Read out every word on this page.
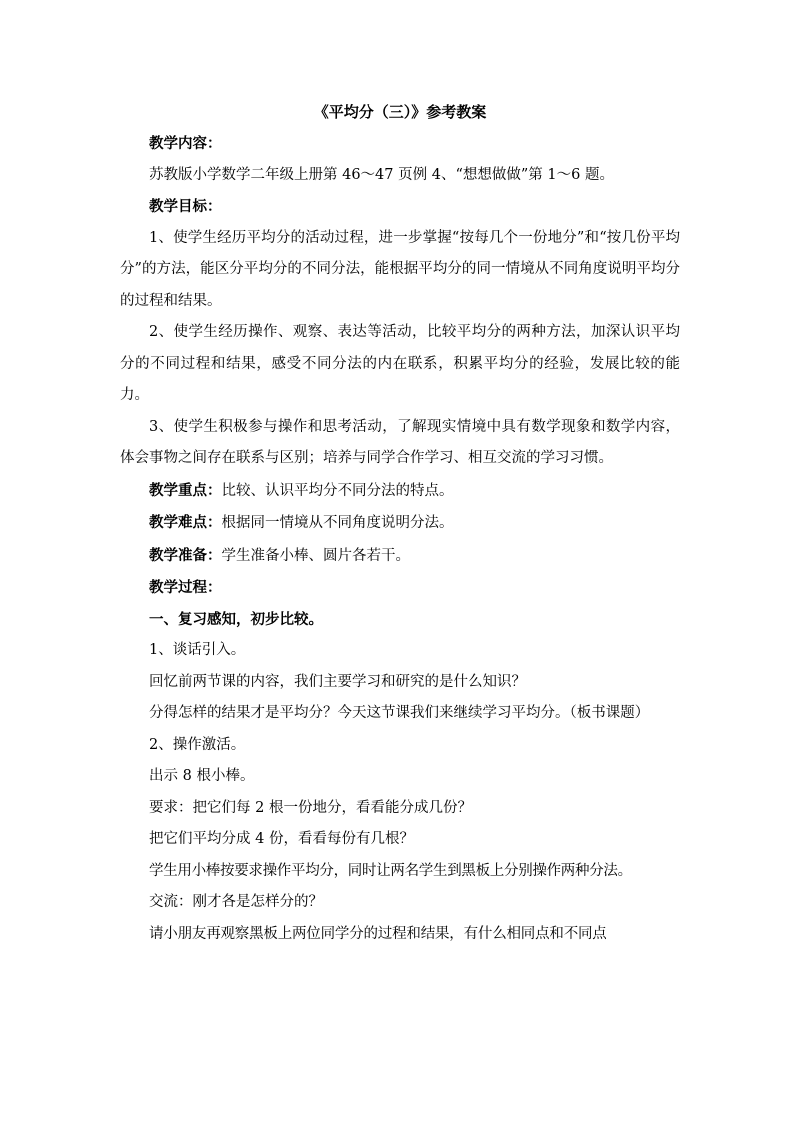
《平均分（三）》参考教案

教学内容：

苏教版小学数学二年级上册第 46～47 页例 4、“想想做做”第 1～6 题。

教学目标：

1、使学生经历平均分的活动过程，进一步掌握“按每几个一份地分”和“按几份平均分”的方法，能区分平均分的不同分法，能根据平均分的同一情境从不同角度说明平均分的过程和结果。

2、使学生经历操作、观察、表达等活动，比较平均分的两种方法，加深认识平均分的不同过程和结果，感受不同分法的内在联系，积累平均分的经验，发展比较的能力。

3、使学生积极参与操作和思考活动，了解现实情境中具有数学现象和数学内容，体会事物之间存在联系与区别；培养与同学合作学习、相互交流的学习习惯。

教学重点：比较、认识平均分不同分法的特点。

教学难点：根据同一情境从不同角度说明分法。

教学准备：学生准备小棒、圆片各若干。

教学过程：

一、复习感知，初步比较。

1、谈话引入。

回忆前两节课的内容，我们主要学习和研究的是什么知识？

分得怎样的结果才是平均分？今天这节课我们来继续学习平均分。（板书课题）

2、操作激活。

出示 8 根小棒。

要求：把它们每 2 根一份地分，看看能分成几份？

把它们平均分成 4 份，看看每份有几根？

学生用小棒按要求操作平均分，同时让两名学生到黑板上分别操作两种分法。

交流：刚才各是怎样分的？

请小朋友再观察黑板上两位同学分的过程和结果，有什么相同点和不同点
